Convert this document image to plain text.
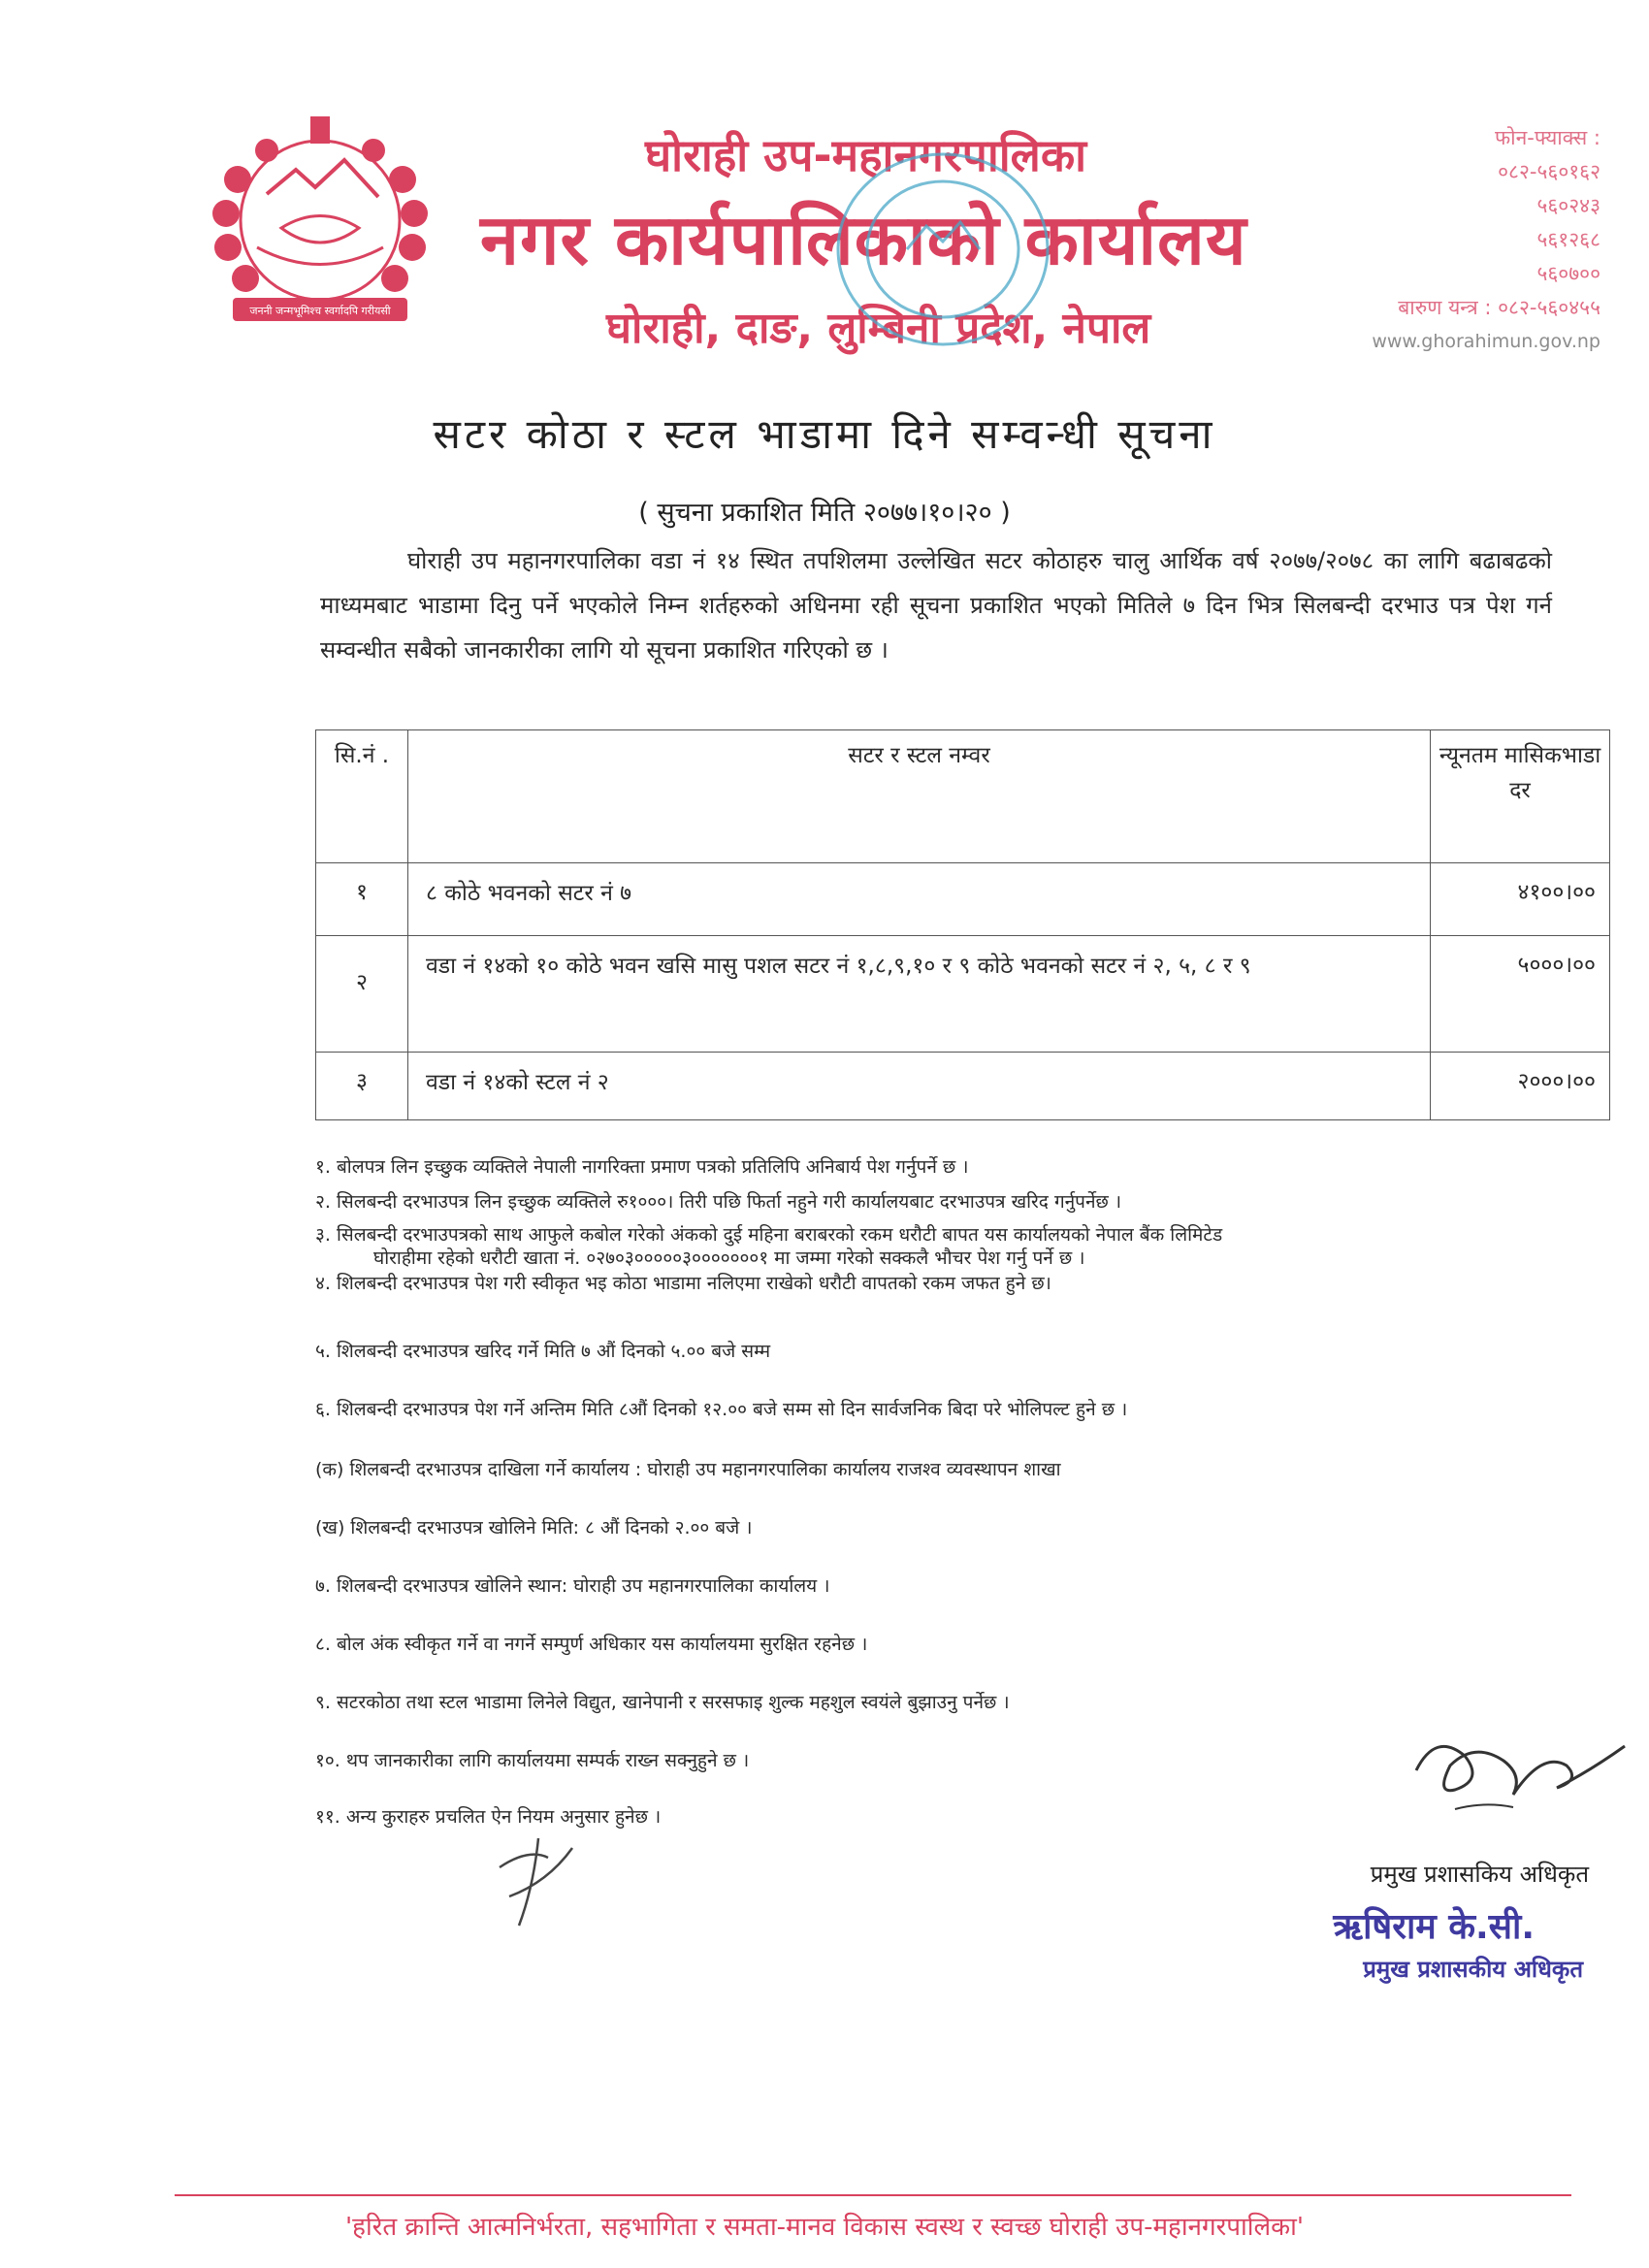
जननी जन्मभूमिश्च स्वर्गादपि गरीयसी
घोराही उप-महानगरपालिका
नगर कार्यपालिकाको कार्यालय
घोराही, दाङ, लुम्बिनी प्रदेश, नेपाल
फोन-फ्याक्स :
०८२-५६०१६२
५६०२४३
५६१२६८
५६०७००
बारुण यन्त्र : ०८२-५६०४५५
www.ghorahimun.gov.np
सटर कोठा र स्टल भाडामा दिने सम्वन्धी सूचना
( सुचना प्रकाशित मिति २०७७।१०।२० )
घोराही उप महानगरपालिका वडा नं १४ स्थित तपशिलमा उल्लेखित सटर कोठाहरु चालु आर्थिक वर्ष २०७७/२०७८ का लागि बढाबढको माध्यमबाट भाडामा दिनु पर्ने भएकोले निम्न शर्तहरुको अधिनमा रही सूचना प्रकाशित भएको मितिले ७ दिन भित्र सिलबन्दी दरभाउ पत्र पेश गर्न सम्वन्धीत सबैको जानकारीका लागि यो सूचना प्रकाशित गरिएको छ ।
सि.नं .	सटर र स्टल नम्वर	न्यूनतम मासिकभाडा दर
१	८ कोठे भवनको सटर नं ७	४१००।००
२	वडा नं १४को १० कोठे भवन खसि मासु पशल सटर नं १,८,९,१० र ९ कोठे भवनको सटर नं २, ५, ८ र ९	५०००।००
३	वडा नं १४को स्टल नं २	२०००।००
१. बोलपत्र लिन इच्छुक व्यक्तिले नेपाली नागरिक्ता प्रमाण पत्रको प्रतिलिपि अनिबार्य पेश गर्नुपर्ने छ ।
२. सिलबन्दी दरभाउपत्र लिन इच्छुक व्यक्तिले रु१०००। तिरी पछि फिर्ता नहुने गरी कार्यालयबाट दरभाउपत्र खरिद गर्नुपर्नेछ ।
३. सिलबन्दी दरभाउपत्रको साथ आफुले कबोल गरेको अंकको दुई महिना बराबरको रकम धरौटी बापत यस कार्यालयको नेपाल बैंक लिमिटेड
घोराहीमा रहेको धरौटी खाता नं. ०२७०३०००००३०००००००१ मा जम्मा गरेको सक्कलै भौचर पेश गर्नु पर्ने छ ।
४. शिलबन्दी दरभाउपत्र पेश गरी स्वीकृत भइ कोठा भाडामा नलिएमा राखेको धरौटी वापतको रकम जफत हुने छ।
५. शिलबन्दी दरभाउपत्र खरिद गर्ने मिति ७ औं दिनको ५.०० बजे सम्म
६. शिलबन्दी दरभाउपत्र पेश गर्ने अन्तिम मिति ८औं दिनको १२.०० बजे सम्म सो दिन सार्वजनिक बिदा परे भोलिपल्ट हुने छ ।
(क) शिलबन्दी दरभाउपत्र दाखिला गर्ने कार्यालय : घोराही उप महानगरपालिका कार्यालय राजश्व व्यवस्थापन शाखा
(ख) शिलबन्दी दरभाउपत्र खोलिने मिति: ८ औं दिनको २.०० बजे ।
७. शिलबन्दी दरभाउपत्र खोलिने स्थान: घोराही उप महानगरपालिका कार्यालय ।
८. बोल अंक स्वीकृत गर्ने वा नगर्ने सम्पुर्ण अधिकार यस कार्यालयमा सुरक्षित रहनेछ ।
९. सटरकोठा तथा स्टल भाडामा लिनेले विद्युत, खानेपानी र सरसफाइ शुल्क महशुल स्वयंले बुझाउनु पर्नेछ ।
१०. थप जानकारीका लागि कार्यालयमा सम्पर्क राख्न सक्नुहुने छ ।
११. अन्य कुराहरु प्रचलित ऐन नियम अनुसार हुनेछ ।
प्रमुख प्रशासकिय अधिकृत
ऋषिराम के.सी.
प्रमुख प्रशासकीय अधिकृत
'हरित क्रान्ति आत्मनिर्भरता, सहभागिता र समता-मानव विकास स्वस्थ र स्वच्छ घोराही उप-महानगरपालिका'
